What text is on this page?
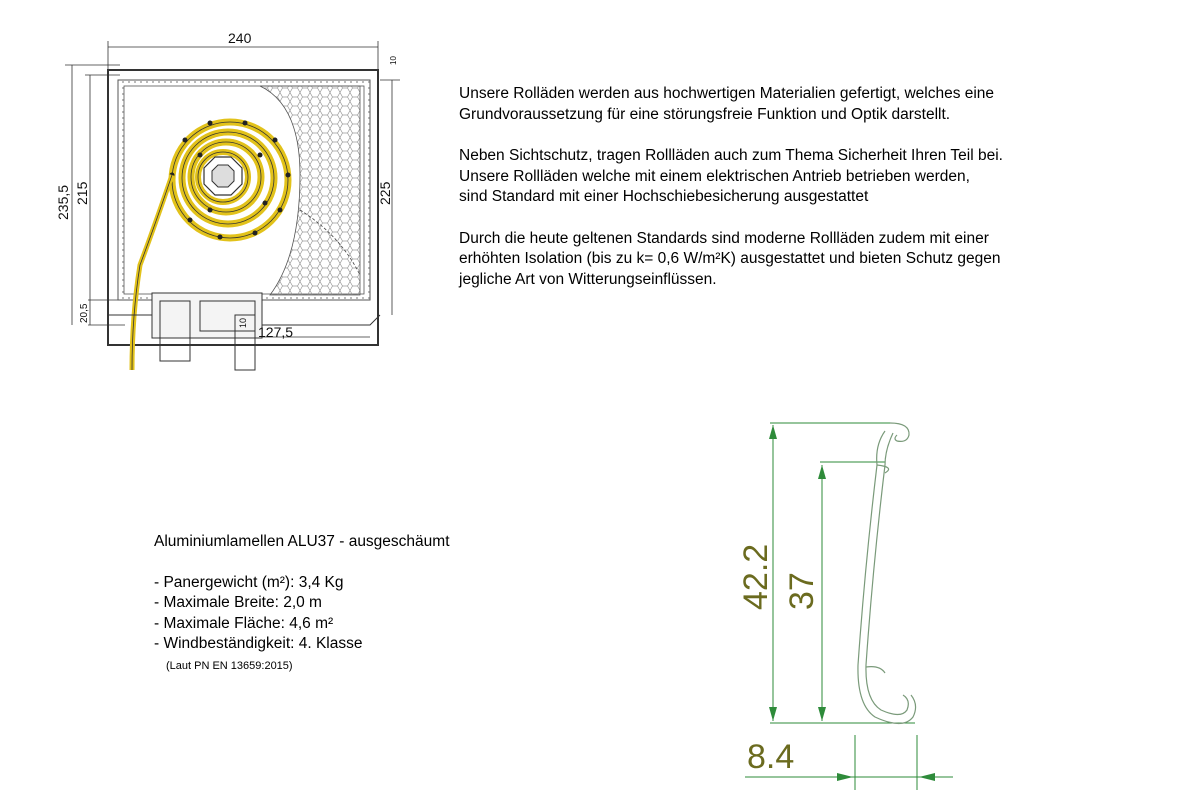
240
10
235,5 215	225
20,5	10
127,5

Unsere Rolläden werden aus hochwertigen Materialien gefertigt, welches eine
Grundvoraussetzung für eine störungsfreie Funktion und Optik darstellt.

Neben Sichtschutz, tragen Rollläden auch zum Thema Sicherheit Ihren Teil bei.
Unsere Rollläden welche mit einem elektrischen Antrieb betrieben werden,
sind Standard mit einer Hochschiebesicherung ausgestattet

Durch die heute geltenen Standards sind moderne Rollläden zudem mit einer
erhöhten Isolation (bis zu k= 0,6 W/m²K) ausgestattet und bieten Schutz gegen
jegliche Art von Witterungseinflüssen.

Aluminiumlamellen ALU37 - ausgeschäumt
- Panergewicht (m²): 3,4 Kg
- Maximale Breite: 2,0 m
- Maximale Fläche: 4,6 m²
- Windbeständigkeit: 4. Klasse
(Laut PN EN 13659:2015)
42.2 37
8.4
